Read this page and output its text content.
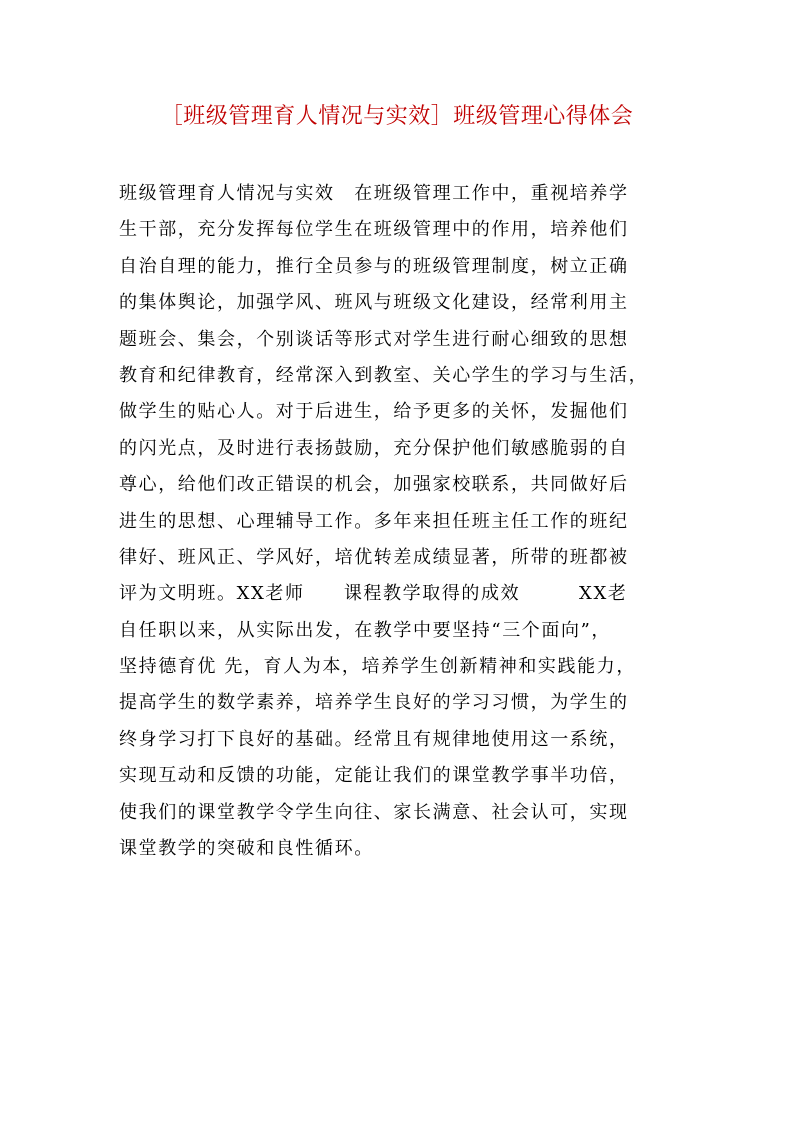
［班级管理育人情况与实效］班级管理心得体会
班级管理育人情况与实效　在班级管理工作中，重视培养学
生干部，充分发挥每位学生在班级管理中的作用，培养他们
自治自理的能力，推行全员参与的班级管理制度，树立正确
的集体舆论，加强学风、班风与班级文化建设，经常利用主
题班会、集会，个别谈话等形式对学生进行耐心细致的思想
教育和纪律教育，经常深入到教室、关心学生的学习与生活，
做学生的贴心人。对于后进生，给予更多的关怀，发掘他们
的闪光点，及时进行表扬鼓励，充分保护他们敏感脆弱的自
尊心，给他们改正错误的机会，加强家校联系，共同做好后
进生的思想、心理辅导工作。多年来担任班主任工作的班纪
律好、班风正、学风好，培优转差成绩显著，所带的班都被
评为文明班。XX老师　　课程教学取得的成效　　　XX老
自任职以来，从实际出发，在教学中要坚持“三个面向”，
坚持德育优 先，育人为本，培养学生创新精神和实践能力，
提高学生的数学素养，培养学生良好的学习习惯，为学生的
终身学习打下良好的基础。经常且有规律地使用这一系统，
实现互动和反馈的功能，定能让我们的课堂教学事半功倍，
使我们的课堂教学令学生向往、家长满意、社会认可，实现
课堂教学的突破和良性循环。
